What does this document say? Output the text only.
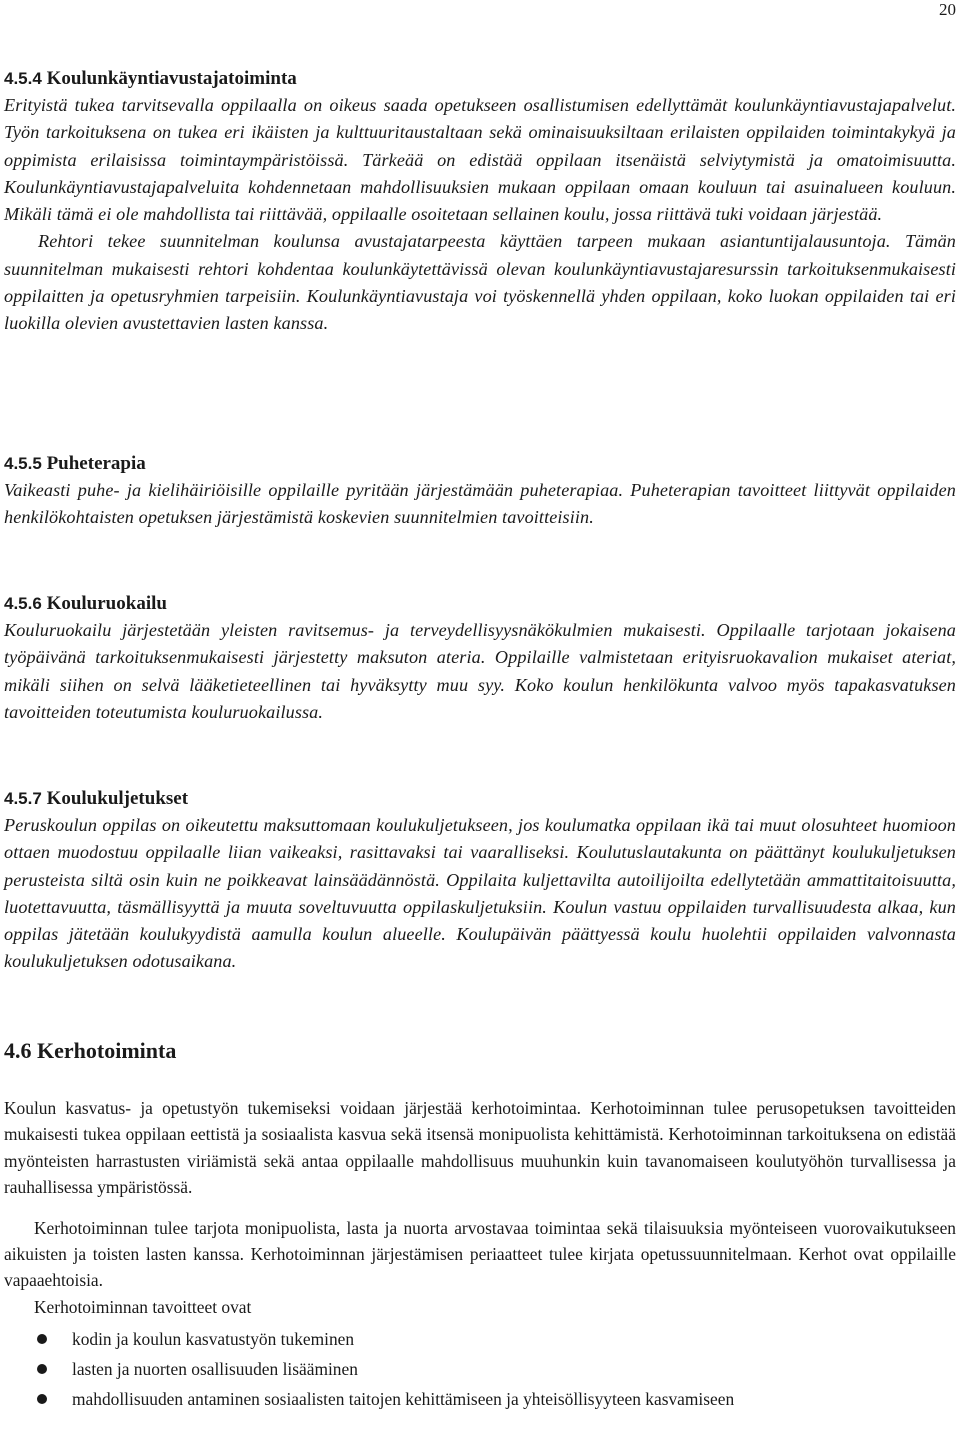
20
4.5.4 Koulunkäyntiavustajatoiminta

Erityistä tukea tarvitsevalla oppilaalla on oikeus saada opetukseen osallistumisen edellyttämät koulunkäyntiavustajapalvelut. Työn tarkoituksena on tukea eri ikäisten ja kulttuuritaustaltaan sekä ominaisuuksiltaan erilaisten oppilaiden toimintakykyä ja oppimista erilaisissa toimintaympäristöissä. Tärkeää on edistää oppilaan itsenäistä selviytymistä ja omatoimisuutta. Koulunkäyntiavustajapalveluita kohdennetaan mahdollisuuksien mukaan oppilaan omaan kouluun tai asuinalueen kouluun. Mikäli tämä ei ole mahdollista tai riittävää, oppilaalle osoitetaan sellainen koulu, jossa riittävä tuki voidaan järjestää.

Rehtori tekee suunnitelman koulunsa avustajatarpeesta käyttäen tarpeen mukaan asiantuntijalausuntoja. Tämän suunnitelman mukaisesti rehtori kohdentaa koulunkäytettävissä olevan koulunkäyntiavustajaresurssin tarkoituksenmukaisesti oppilaitten ja opetusryhmien tarpeisiin. Koulunkäyntiavustaja voi työskennellä yhden oppilaan, koko luokan oppilaiden tai eri luokilla olevien avustettavien lasten kanssa.

4.5.5 Puheterapia

Vaikeasti puhe- ja kielihäiriöisille oppilaille pyritään järjestämään puheterapiaa. Puheterapian tavoitteet liittyvät oppilaiden henkilökohtaisten opetuksen järjestämistä koskevien suunnitelmien tavoitteisiin.

4.5.6 Kouluruokailu

Kouluruokailu järjestetään yleisten ravitsemus- ja terveydellisyysnäkökulmien mukaisesti. Oppilaalle tarjotaan jokaisena työpäivänä tarkoituksenmukaisesti järjestetty maksuton ateria. Oppilaille valmistetaan erityisruokavalion mukaiset ateriat, mikäli siihen on selvä lääketieteellinen tai hyväksytty muu syy. Koko koulun henkilökunta valvoo myös tapakasvatuksen tavoitteiden toteutumista kouluruokailussa.

4.5.7 Koulukuljetukset

Peruskoulun oppilas on oikeutettu maksuttomaan koulukuljetukseen, jos koulumatka oppilaan ikä tai muut olosuhteet huomioon ottaen muodostuu oppilaalle liian vaikeaksi, rasittavaksi tai vaaralliseksi. Koulutuslautakunta on päättänyt koulukuljetuksen perusteista siltä osin kuin ne poikkeavat lainsäädännöstä. Oppilaita kuljettavilta autoilijoilta edellytetään ammattitaitoisuutta, luotettavuutta, täsmällisyyttä ja muuta soveltuvuutta oppilaskuljetuksiin. Koulun vastuu oppilaiden turvallisuudesta alkaa, kun oppilas jätetään koulukyydistä aamulla koulun alueelle. Koulupäivän päättyessä koulu huolehtii oppilaiden valvonnasta koulukuljetuksen odotusaikana.

4.6 Kerhotoiminta

Koulun kasvatus- ja opetustyön tukemiseksi voidaan järjestää kerhotoimintaa. Kerhotoiminnan tulee perusopetuksen tavoitteiden mukaisesti tukea oppilaan eettistä ja sosiaalista kasvua sekä itsensä monipuolista kehittämistä. Kerhotoiminnan tarkoituksena on edistää myönteisten harrastusten viriämistä sekä antaa oppilaalle mahdollisuus muuhunkin kuin tavanomaiseen koulutyöhön turvallisessa ja rauhallisessa ympäristössä.

Kerhotoiminnan tulee tarjota monipuolista, lasta ja nuorta arvostavaa toimintaa sekä tilaisuuksia myönteiseen vuorovaikutukseen aikuisten ja toisten lasten kanssa. Kerhotoiminnan järjestämisen periaatteet tulee kirjata opetussuunnitelmaan. Kerhot ovat oppilaille vapaaehtoisia.

Kerhotoiminnan tavoitteet ovat

kodin ja koulun kasvatustyön tukeminen
lasten ja nuorten osallisuuden lisääminen
mahdollisuuden antaminen sosiaalisten taitojen kehittämiseen ja yhteisöllisyyteen kasvamiseen
